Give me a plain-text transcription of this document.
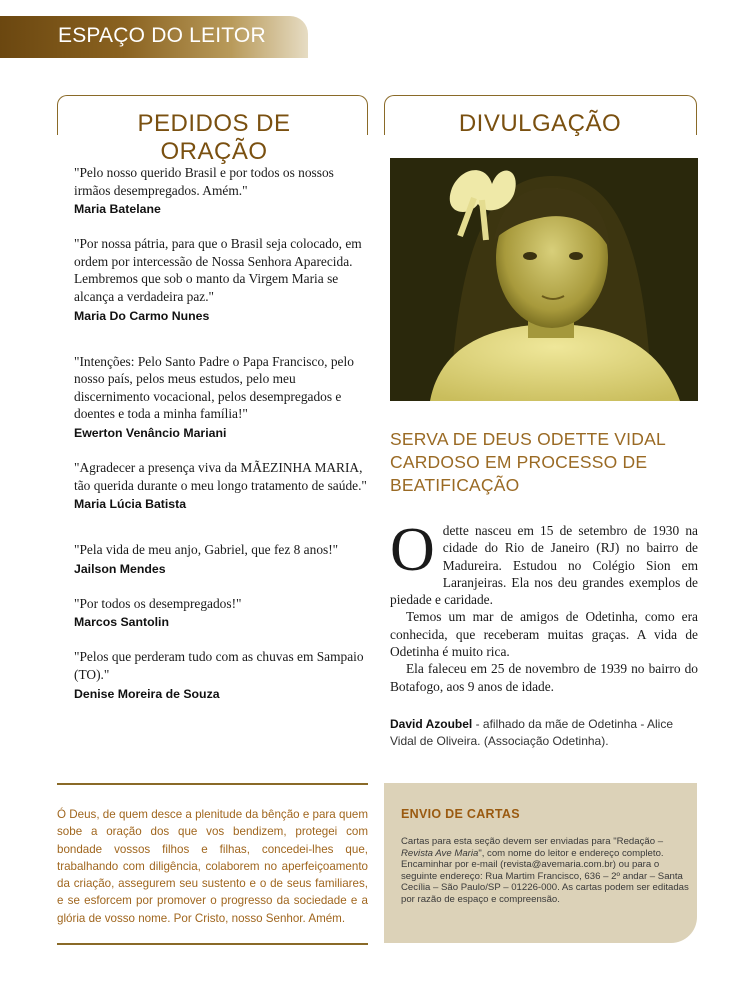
ESPAÇO DO LEITOR
PEDIDOS DE ORAÇÃO
DIVULGAÇÃO
"Pelo nosso querido Brasil e por todos os nossos irmãos desempregados. Amém."
Maria Batelane
"Por nossa pátria, para que o Brasil seja colocado, em ordem por intercessão de Nossa Senhora Aparecida. Lembremos que sob o manto da Virgem Maria se alcança a verdadeira paz."
Maria Do Carmo Nunes
"Intenções: Pelo Santo Padre o Papa Francisco, pelo nosso país, pelos meus estudos, pelo meu discernimento vocacional, pelos desempregados e doentes e toda a minha família!"
Ewerton Venâncio Mariani
"Agradecer a presença viva da MÃEZINHA MARIA, tão querida durante o meu longo tratamento de saúde."
Maria Lúcia Batista
"Pela vida de meu anjo, Gabriel, que fez 8 anos!"
Jailson Mendes
"Por todos os desempregados!"
Marcos Santolin
"Pelos que perderam tudo com as chuvas em Sampaio (TO)."
Denise Moreira de Souza
SERVA DE DEUS ODETTE VIDAL CARDOSO EM PROCESSO DE BEATIFICAÇÃO
Odette nasceu em 15 de setembro de 1930 na cidade do Rio de Janeiro (RJ) no bairro de Madureira. Estudou no Colégio Sion em Laranjeiras. Ela nos deu grandes exemplos de piedade e caridade.
Temos um mar de amigos de Odetinha, como era conhecida, que receberam muitas graças. A vida de Odetinha é muito rica.
Ela faleceu em 25 de novembro de 1939 no bairro do Botafogo, aos 9 anos de idade.
David Azoubel - afilhado da mãe de Odetinha - Alice Vidal de Oliveira. (Associação Odetinha).
Ó Deus, de quem desce a plenitude da bênção e para quem sobe a oração dos que vos bendizem, protegei com bondade vossos filhos e filhas, concedei-lhes que, trabalhando com diligência, colaborem no aperfeiçoamento da criação, assegurem seu sustento e o de seus familiares, e se esforcem por promover o progresso da sociedade e a glória de vosso nome. Por Cristo, nosso Senhor. Amém.
ENVIO DE CARTAS
Cartas para esta seção devem ser enviadas para "Redação – Revista Ave Maria", com nome do leitor e endereço completo. Encaminhar por e-mail (revista@avemaria.com.br) ou para o seguinte endereço: Rua Martim Francisco, 636 – 2º andar – Santa Cecília – São Paulo/SP – 01226-000. As cartas podem ser editadas por razão de espaço e compreensão.
